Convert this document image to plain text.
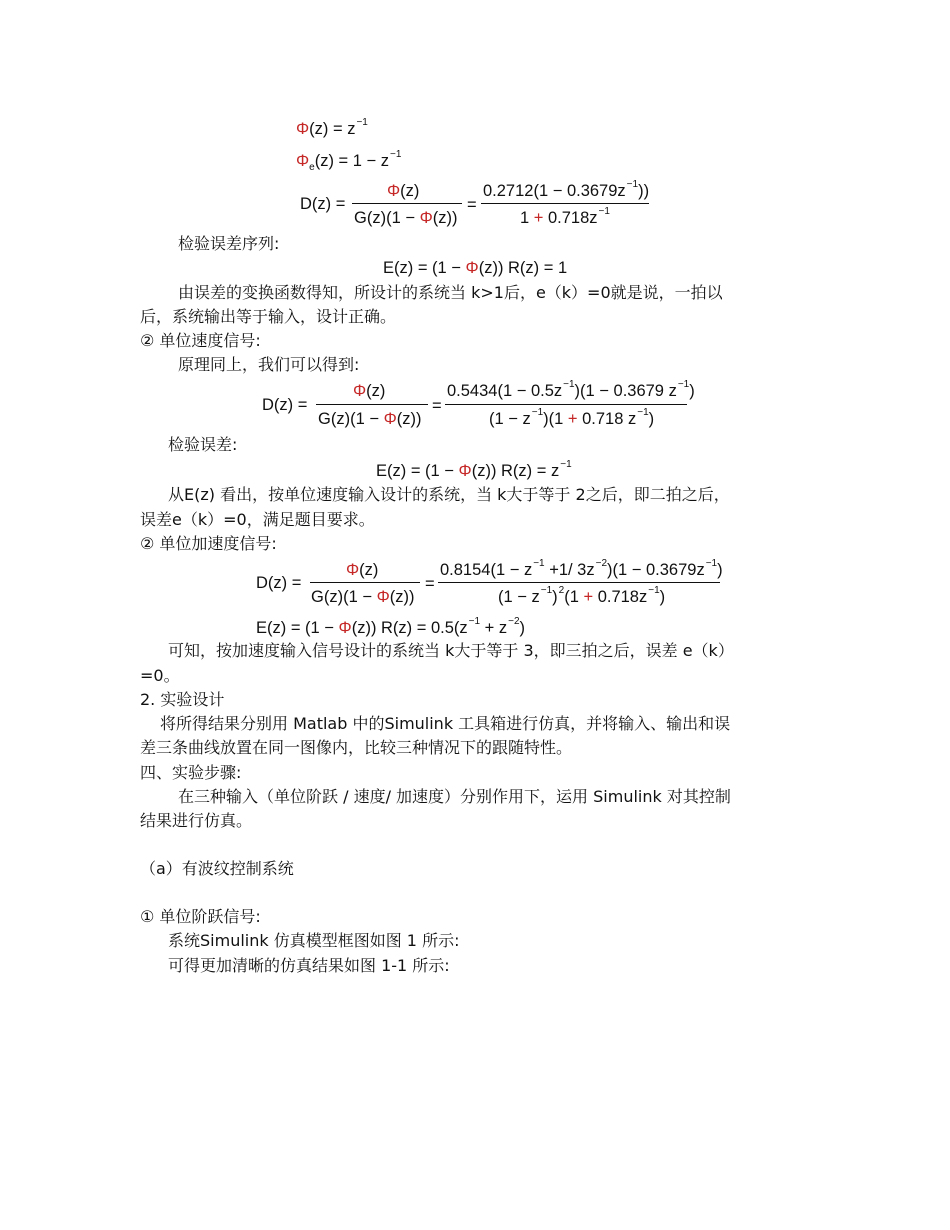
$\Phi(z) = z^{-1}$
$\Phi_e(z) = 1 - z^{-1}$
D(z) =
Φ(z)
G(z)(1 − Φ(z))
=
$0.2712(1 - 0.3679z^{-1})$)
$1 + 0.718z^{-1}$
检验误差序列:
E(z) = (1 − Φ(z)) R(z) = 1
由误差的变换函数得知，所设计的系统当 k>1后，e（k）=0就是说，一拍以
后，系统输出等于输入，设计正确。
② 单位速度信号:
原理同上，我们可以得到:
D(z) =
Φ(z)
G(z)(1 − Φ(z))
=
$0.5434(1 - 0.5z^{-1})(1 - 0.3679$ $z^{-1}$)
$(1 - z^{-1})(1 + 0.718$ $z^{-1}$)
检验误差:
E(z) = (1 − Φ(z)) $R(z) = z^{-1}$
从E(z) 看出，按单位速度输入设计的系统，当 k大于等于 2之后，即二拍之后，
误差e（k）=0，满足题目要求。
② 单位加速度信号:
D(z) =
Φ(z)
G(z)(1 − Φ(z))
=
$0.8154(1 - z^{-1} +1/$ $3z^{-2})(1 - 0.3679z^{-1})$
$(1 - z^{-1})^2(1 + 0.718z^{-1})$
E(z) = (1 − Φ(z)) $R(z) = 0.5(z^{-1} + z^{-2})$
可知，按加速度输入信号设计的系统当 k大于等于 3，即三拍之后，误差 e（k）
=0。
2. 实验设计
将所得结果分别用 Matlab 中的Simulink 工具箱进行仿真，并将输入、输出和误
差三条曲线放置在同一图像内，比较三种情况下的跟随特性。
四、实验步骤:
在三种输入（单位阶跃 / 速度/ 加速度）分别作用下，运用 Simulink 对其控制
结果进行仿真。
（a）有波纹控制系统
① 单位阶跃信号:
系统Simulink 仿真模型框图如图 1 所示:
可得更加清晰的仿真结果如图 1-1 所示:
